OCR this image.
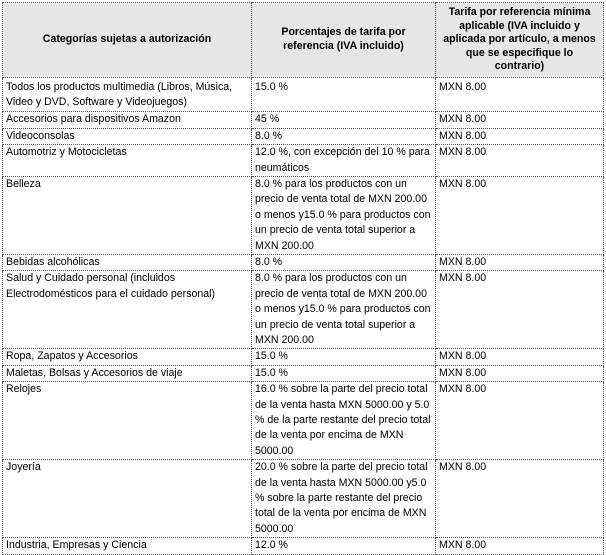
Categorías sujetas a autorización	Porcentajes de tarifa por referencia (IVA incluido)	Tarifa por referencia mínima aplicable (IVA incluido y aplicada por artículo, a menos que se especifique lo contrario)
Todos los productos multimedia (Libros, Música, Video y DVD, Software y Videojuegos)	15.0 %	MXN 8.00
Accesorios para dispositivos Amazon	45 %	MXN 8.00
Videoconsolas	8.0 %	MXN 8.00
Automotriz y Motocicletas	12.0 %, con excepción del 10 % para neumáticos	MXN 8.00
Belleza	8.0 % para los productos con un precio de venta total de MXN 200.00 o menos y15.0 % para productos con un precio de venta total superior a MXN 200.00	MXN 8.00
Bebidas alcohólicas	8.0 %	MXN 8.00
Salud y Cuidado personal (incluidos Electrodomésticos para el cuidado personal)	8.0 % para los productos con un precio de venta total de MXN 200.00 o menos y15.0 % para productos con un precio de venta total superior a MXN 200.00	MXN 8.00
Ropa, Zapatos y Accesorios	15.0 %	MXN 8.00
Maletas, Bolsas y Accesorios de viaje	15.0 %	MXN 8.00
Relojes	16.0 % sobre la parte del precio total de la venta hasta MXN 5000.00 y 5.0 % de la parte restante del precio total de la venta por encima de MXN 5000.00	MXN 8.00
Joyería	20.0 % sobre la parte del precio total de la venta hasta MXN 5000.00 y5.0 % sobre la parte restante del precio total de la venta por encima de MXN 5000.00	MXN 8.00
Industria, Empresas y Ciencia	12.0 %	MXN 8.00
